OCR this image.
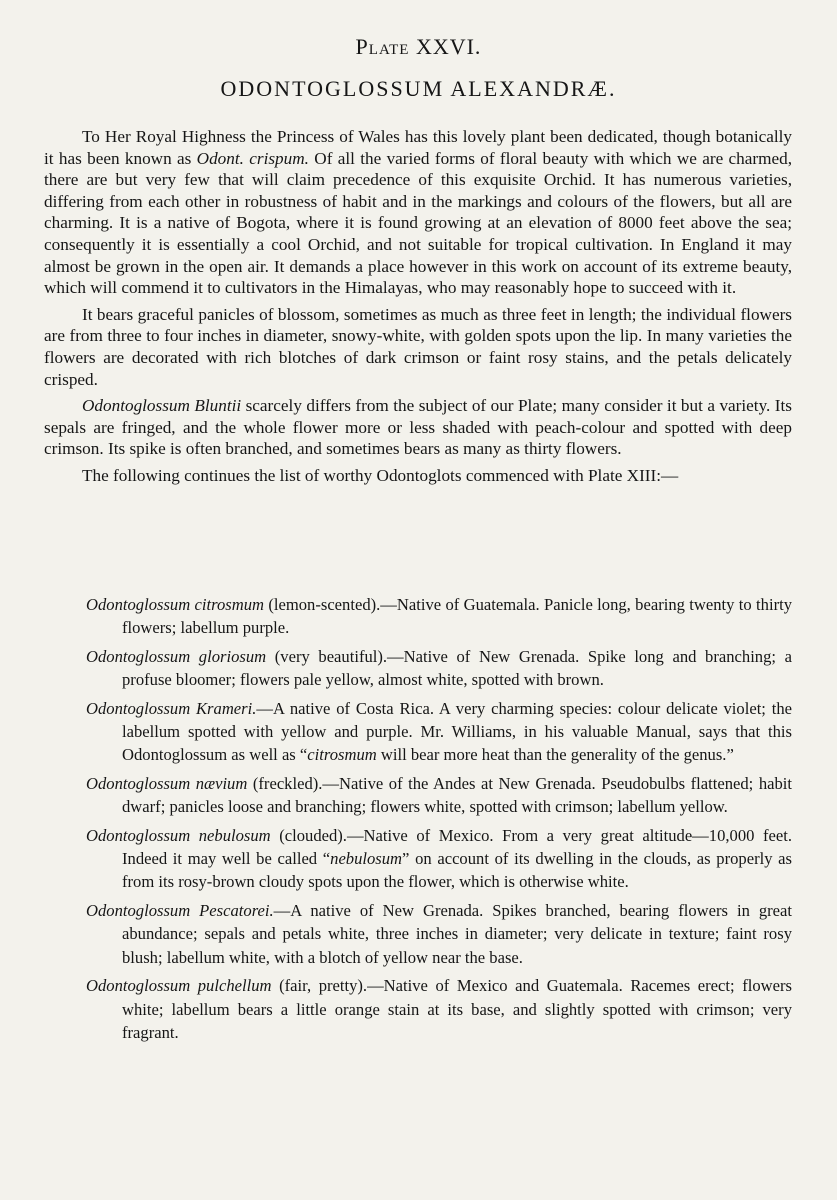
Plate XXVI.
ODONTOGLOSSUM ALEXANDRÆ.

To Her Royal Highness the Princess of Wales has this lovely plant been dedicated, though botanically it has been known as Odont. crispum. Of all the varied forms of floral beauty with which we are charmed, there are but very few that will claim precedence of this exquisite Orchid. It has numerous varieties, differing from each other in robustness of habit and in the markings and colours of the flowers, but all are charming. It is a native of Bogota, where it is found growing at an elevation of 8000 feet above the sea; consequently it is essentially a cool Orchid, and not suitable for tropical cultivation. In England it may almost be grown in the open air. It demands a place however in this work on account of its extreme beauty, which will commend it to cultivators in the Himalayas, who may reasonably hope to succeed with it.

It bears graceful panicles of blossom, sometimes as much as three feet in length; the individual flowers are from three to four inches in diameter, snowy-white, with golden spots upon the lip. In many varieties the flowers are decorated with rich blotches of dark crimson or faint rosy stains, and the petals delicately crisped.

Odontoglossum Bluntii scarcely differs from the subject of our Plate; many consider it but a variety. Its sepals are fringed, and the whole flower more or less shaded with peach-colour and spotted with deep crimson. Its spike is often branched, and sometimes bears as many as thirty flowers.

The following continues the list of worthy Odontoglots commenced with Plate XIII:—

Odontoglossum citrosmum (lemon-scented).—Native of Guatemala. Panicle long, bearing twenty to thirty flowers; labellum purple.

Odontoglossum gloriosum (very beautiful).—Native of New Grenada. Spike long and branching; a profuse bloomer; flowers pale yellow, almost white, spotted with brown.

Odontoglossum Krameri.—A native of Costa Rica. A very charming species: colour delicate violet; the labellum spotted with yellow and purple. Mr. Williams, in his valuable Manual, says that this Odontoglossum as well as “citrosmum will bear more heat than the generality of the genus.”

Odontoglossum nævium (freckled).—Native of the Andes at New Grenada. Pseudobulbs flattened; habit dwarf; panicles loose and branching; flowers white, spotted with crimson; labellum yellow.

Odontoglossum nebulosum (clouded).—Native of Mexico. From a very great altitude—10,000 feet. Indeed it may well be called “nebulosum” on account of its dwelling in the clouds, as properly as from its rosy-brown cloudy spots upon the flower, which is otherwise white.

Odontoglossum Pescatorei.—A native of New Grenada. Spikes branched, bearing flowers in great abundance; sepals and petals white, three inches in diameter; very delicate in texture; faint rosy blush; labellum white, with a blotch of yellow near the base.

Odontoglossum pulchellum (fair, pretty).—Native of Mexico and Guatemala. Racemes erect; flowers white; labellum bears a little orange stain at its base, and slightly spotted with crimson; very fragrant.
